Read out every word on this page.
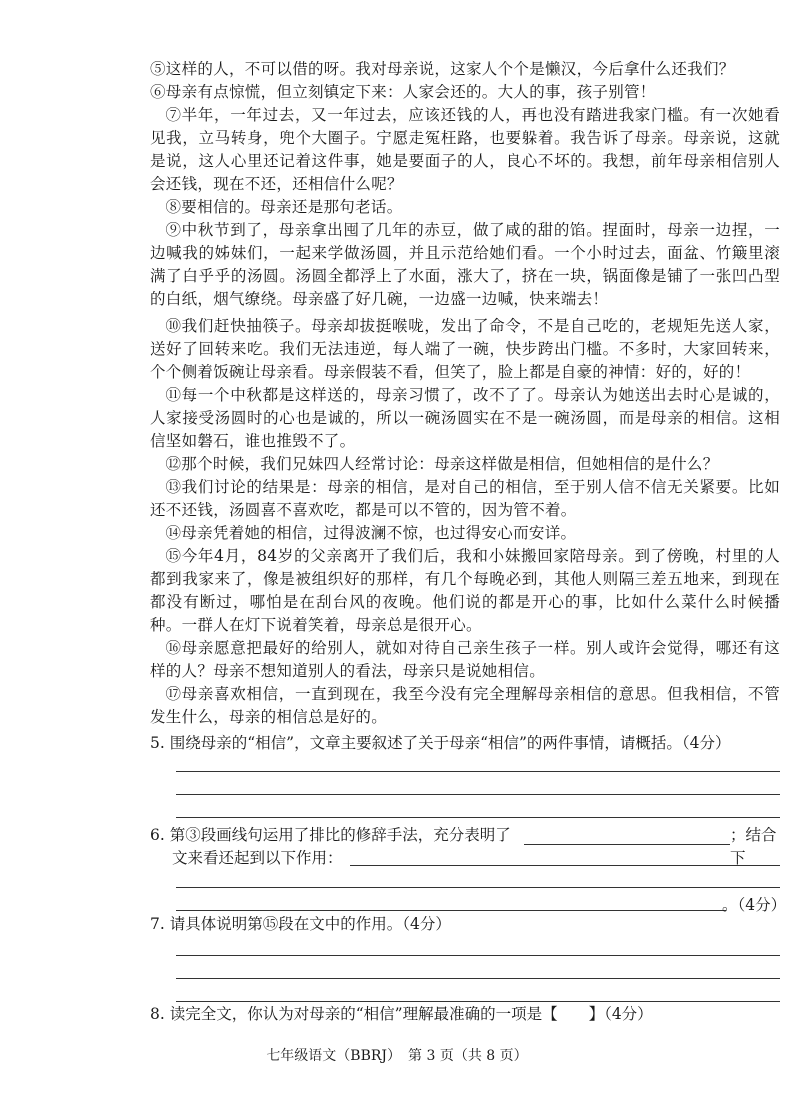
⑤这样的人，不可以借的呀。我对母亲说，这家人个个是懒汉，今后拿什么还我们？
⑥母亲有点惊慌，但立刻镇定下来：人家会还的。大人的事，孩子别管！
⑦半年，一年过去，又一年过去，应该还钱的人，再也没有踏进我家门槛。有一次她看见我，立马转身，兜个大圈子。宁愿走冤枉路，也要躲着。我告诉了母亲。母亲说，这就是说，这人心里还记着这件事，她是要面子的人，良心不坏的。我想，前年母亲相信别人会还钱，现在不还，还相信什么呢？
⑧要相信的。母亲还是那句老话。
⑨中秋节到了，母亲拿出囤了几年的赤豆，做了咸的甜的馅。捏面时，母亲一边捏，一边喊我的姊妹们，一起来学做汤圆，并且示范给她们看。一个小时过去，面盆、竹簸里滚满了白乎乎的汤圆。汤圆全都浮上了水面，涨大了，挤在一块，锅面像是铺了一张凹凸型的白纸，烟气缭绕。母亲盛了好几碗，一边盛一边喊，快来端去！
⑩我们赶快抽筷子。母亲却拔挺喉咙，发出了命令，不是自己吃的，老规矩先送人家，送好了回转来吃。我们无法违逆，每人端了一碗，快步跨出门槛。不多时，大家回转来，个个侧着饭碗让母亲看。母亲假装不看，但笑了，脸上都是自豪的神情：好的，好的！
⑪每一个中秋都是这样送的，母亲习惯了，改不了了。母亲认为她送出去时心是诚的，人家接受汤圆时的心也是诚的，所以一碗汤圆实在不是一碗汤圆，而是母亲的相信。这相信坚如磐石，谁也推毁不了。
⑫那个时候，我们兄妹四人经常讨论：母亲这样做是相信，但她相信的是什么？
⑬我们讨论的结果是：母亲的相信，是对自己的相信，至于别人信不信无关紧要。比如还不还钱，汤圆喜不喜欢吃，都是可以不管的，因为管不着。
⑭母亲凭着她的相信，过得波澜不惊，也过得安心而安详。
⑮今年4月，84岁的父亲离开了我们后，我和小妹搬回家陪母亲。到了傍晚，村里的人都到我家来了，像是被组织好的那样，有几个每晚必到，其他人则隔三差五地来，到现在都没有断过，哪怕是在刮台风的夜晚。他们说的都是开心的事，比如什么菜什么时候播种。一群人在灯下说着笑着，母亲总是很开心。
⑯母亲愿意把最好的给别人，就如对待自己亲生孩子一样。别人或许会觉得，哪还有这样的人？母亲不想知道别人的看法，母亲只是说她相信。
⑰母亲喜欢相信，一直到现在，我至今没有完全理解母亲相信的意思。但我相信，不管发生什么，母亲的相信总是好的。
5. 围绕母亲的“相信”，文章主要叙述了关于母亲“相信”的两件事情，请概括。（4分）
6. 第③段画线句运用了排比的修辞手法，充分表明了	；结合下
文来看还起到以下作用：
。（4分）
7. 请具体说明第⑮段在文中的作用。（4分）
8. 读完全文，你认为对母亲的“相信”理解最准确的一项是【　　】（4分）
七年级语文（BBRJ）　第 3 页（共 8 页）
